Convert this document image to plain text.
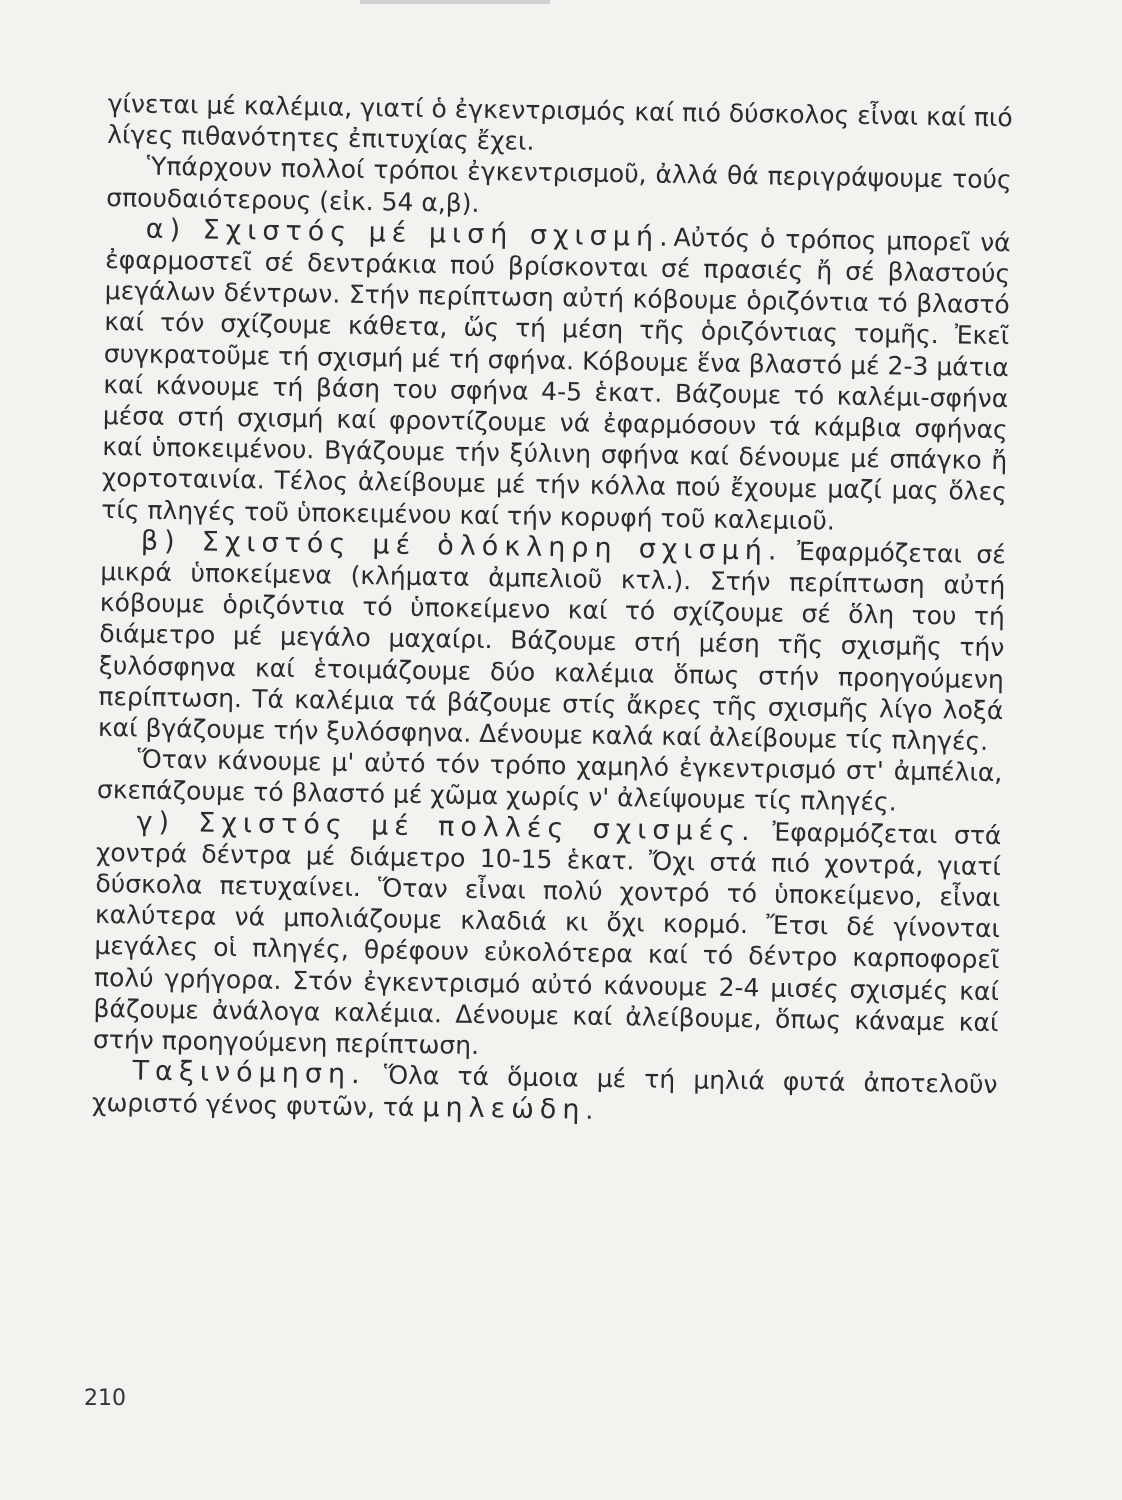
γίνεται μέ καλέμια, γιατί ὁ ἐγκεντρισμός καί πιό δύσκολος εἶναι καί πιό λίγες πιθανότητες ἐπιτυχίας ἔχει.

Ὑπάρχουν πολλοί τρόποι ἐγκεντρισμοῦ, ἀλλά θά περιγράψουμε τούς σπουδαιότερους (εἰκ. 54 α,β).

α) Σχιστός μέ μισή σχισμή.Αὐτός ὁ τρόπος μπορεῖ νά ἐφαρμοστεῖ σέ δεντράκια πού βρίσκονται σέ πρασιές ἤ σέ βλαστούς μεγάλων δέντρων. Στήν περίπτωση αὐτή κόβουμε ὁριζόντια τό βλαστό καί τόν σχίζουμε κάθετα, ὥς τή μέση τῆς ὁριζόντιας τομῆς. Ἐκεῖ συγκρατοῦμε τή σχισμή μέ τή σφήνα. Κόβουμε ἕνα βλαστό μέ 2-3 μάτια καί κάνουμε τή βάση του σφήνα 4-5 ἑκατ. Βάζουμε τό καλέμι-σφήνα μέσα στή σχισμή καί φροντίζουμε νά ἐφαρμόσουν τά κάμβια σφήνας καί ὑποκειμένου. Βγάζουμε τήν ξύλινη σφήνα καί δένουμε μέ σπάγκο ἤ χορτοταινία. Τέλος ἀλείβουμε μέ τήν κόλλα πού ἔχουμε μαζί μας ὅλες τίς πληγές τοῦ ὑποκειμένου καί τήν κορυφή τοῦ καλεμιοῦ.

β) Σχιστός μέ ὁλόκληρη σχισμή. Ἐφαρμόζεται σέ μικρά ὑποκείμενα (κλήματα ἀμπελιοῦ κτλ.). Στήν περίπτωση αὐτή κόβουμε ὁριζόντια τό ὑποκείμενο καί τό σχίζουμε σέ ὅλη του τή διάμετρο μέ μεγάλο μαχαίρι. Βάζουμε στή μέση τῆς σχισμῆς τήν ξυλόσφηνα καί ἑτοιμάζουμε δύο καλέμια ὅπως στήν προηγούμενη περίπτωση. Τά καλέμια τά βάζουμε στίς ἄκρες τῆς σχισμῆς λίγο λοξά καί βγάζουμε τήν ξυλόσφηνα. Δένουμε καλά καί ἀλείβουμε τίς πληγές.

Ὅταν κάνουμε μ' αὐτό τόν τρόπο χαμηλό ἐγκεντρισμό στ' ἀμπέλια, σκεπάζουμε τό βλαστό μέ χῶμα χωρίς ν' ἀλείψουμε τίς πληγές.

γ) Σχιστός μέ πολλές σχισμές. Ἐφαρμόζεται στά χοντρά δέντρα μέ διάμετρο 10-15 ἑκατ. Ὄχι στά πιό χοντρά, γιατί δύσκολα πετυχαίνει. Ὅταν εἶναι πολύ χοντρό τό ὑποκείμενο, εἶναι καλύτερα νά μπολιάζουμε κλαδιά κι ὄχι κορμό. Ἔτσι δέ γίνονται μεγάλες οἱ πληγές, θρέφουν εὐκολότερα καί τό δέντρο καρποφορεῖ πολύ γρήγορα. Στόν ἐγκεντρισμό αὐτό κάνουμε 2-4 μισές σχισμές καί βάζουμε ἀνάλογα καλέμια. Δένουμε καί ἀλείβουμε, ὅπως κάναμε καί στήν προηγούμενη περίπτωση.

Ταξινόμηση. Ὅλα τά ὅμοια μέ τή μηλιά φυτά ἀποτελοῦν χωριστό γένος φυτῶν, τά μηλεώδη.

210
